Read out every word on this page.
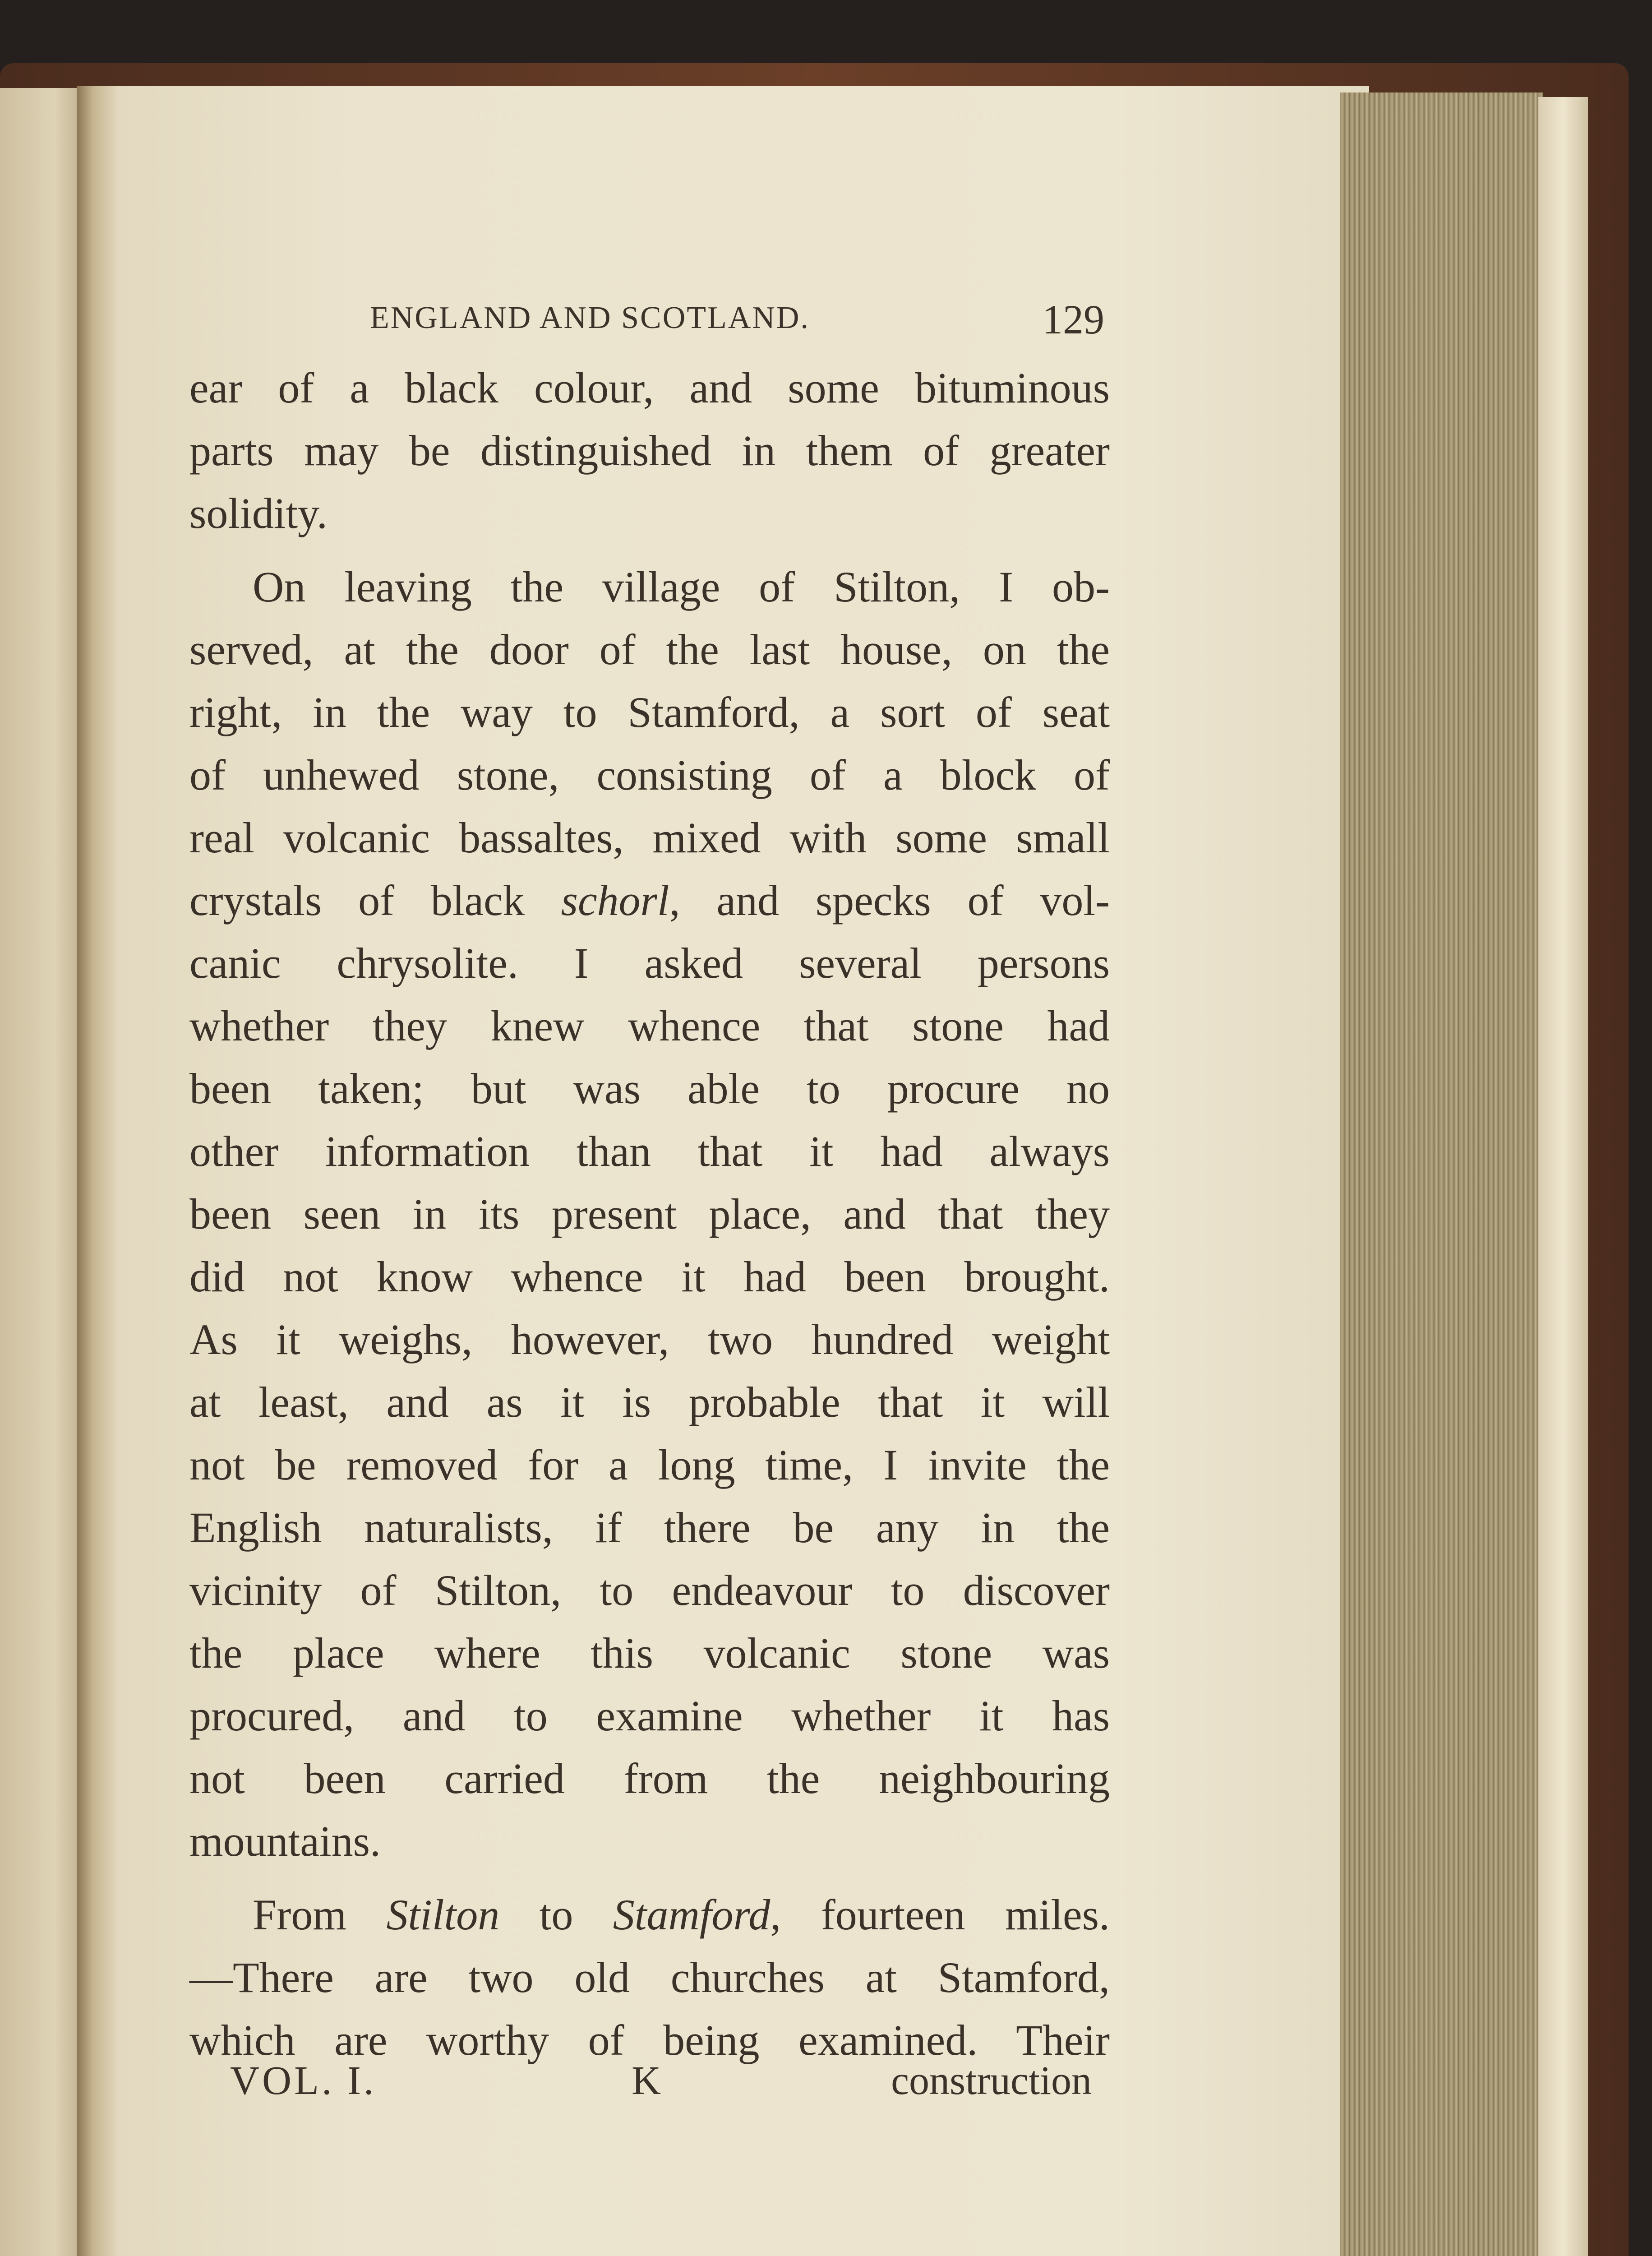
ENGLAND AND SCOTLAND.	129
ear of a black colour, and some bituminous
parts may be distinguished in them of greater
solidity.
On leaving the village of Stilton, I ob-
served, at the door of the last house, on the
right, in the way to Stamford, a sort of seat
of unhewed stone, consisting of a block of
real volcanic bassaltes, mixed with some small
crystals of black schorl, and specks of vol-
canic chrysolite. I asked several persons
whether they knew whence that stone had
been taken; but was able to procure no
other information than that it had always
been seen in its present place, and that they
did not know whence it had been brought.
As it weighs, however, two hundred weight
at least, and as it is probable that it will
not be removed for a long time, I invite the
English naturalists, if there be any in the
vicinity of Stilton, to endeavour to discover
the place where this volcanic stone was
procured, and to examine whether it has
not been carried from the neighbouring
mountains.
From Stilton to Stamford, fourteen miles.
—There are two old churches at Stamford,
which are worthy of being examined. Their
VOL. I.	K	construction
